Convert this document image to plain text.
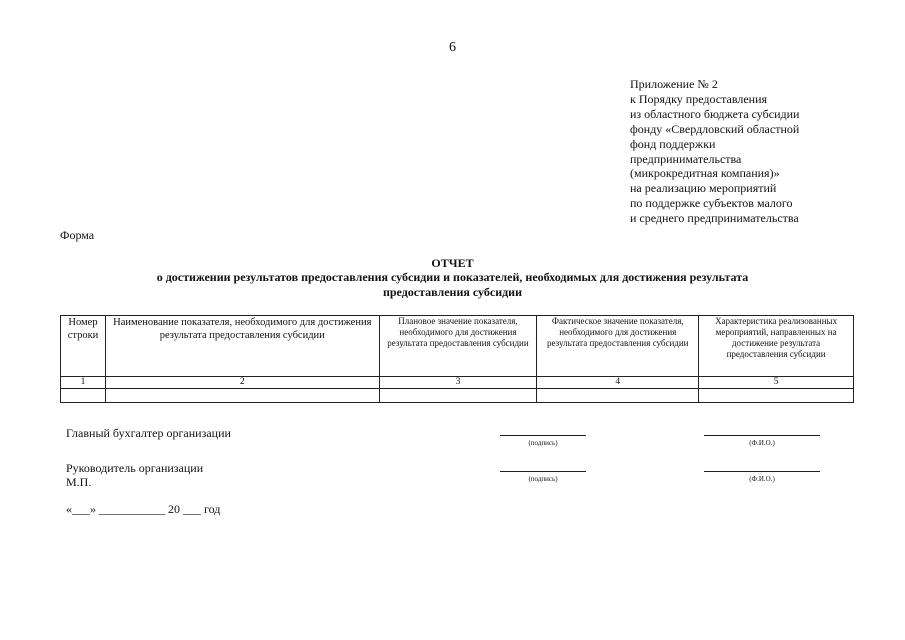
6
Приложение № 2
к Порядку предоставления
из областного бюджета субсидии
фонду «Свердловский областной
фонд поддержки
предпринимательства
(микрокредитная компания)»
на реализацию мероприятий
по поддержке субъектов малого
и среднего предпринимательства
Форма
ОТЧЕТ
о достижении результатов предоставления субсидии и показателей, необходимых для достижения результата
предоставления субсидии
Номер строки	Наименование показателя, необходимого для достижения результата предоставления субсидии	Плановое значение показателя, необходимого для достижения результата предоставления субсидии	Фактическое значение показателя, необходимого для достижения результата предоставления субсидии	Характеристика реализованных мероприятий, направленных на достижение результата предоставления субсидии
1	2	3	4	5

Главный бухгалтер организации
(подпись)	(Ф.И.О.)
Руководитель организации
М.П.	(подпись)	(Ф.И.О.)
«___» ___________ 20 ___ год
